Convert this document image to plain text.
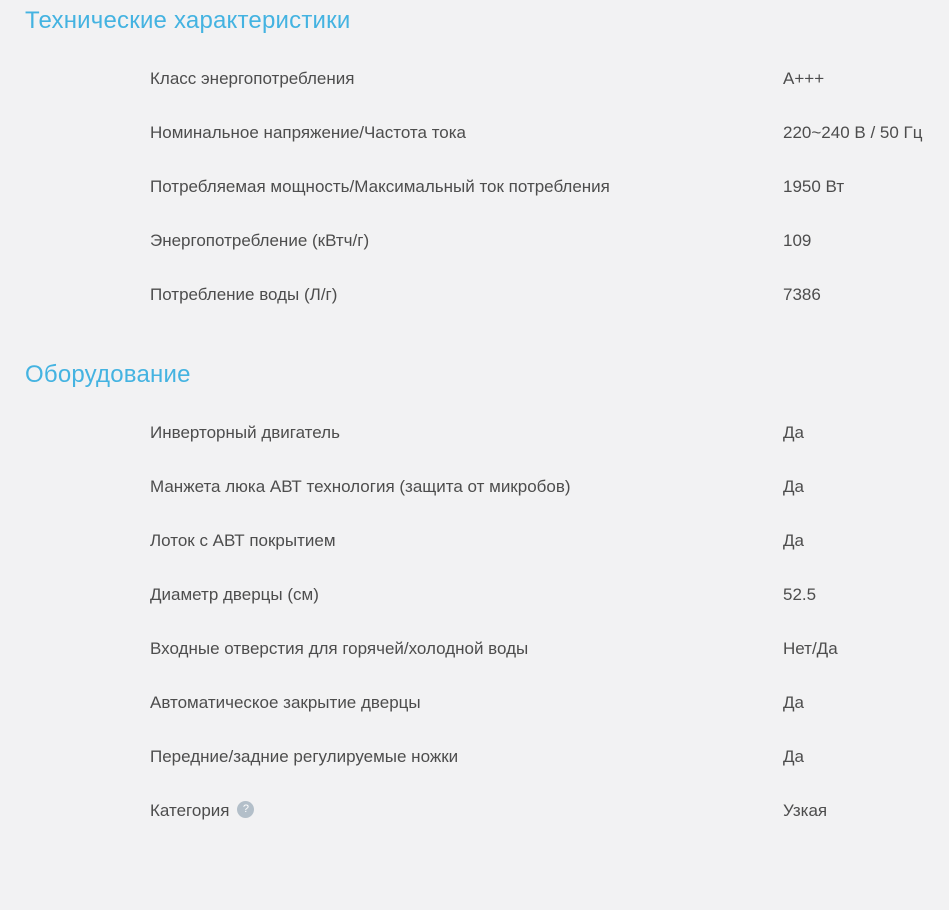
Технические характеристики
Класс энергопотребления	A+++
Номинальное напряжение/Частота тока	220~240 В / 50 Гц
Потребляемая мощность/Максимальный ток потребления	1950 Вт
Энергопотребление (кВтч/г)	109
Потребление воды (Л/г)	7386
Оборудование
Инверторный двигатель	Да
Манжета люка АВТ технология (защита от микробов)	Да
Лоток с АВТ покрытием	Да
Диаметр дверцы (см)	52.5
Входные отверстия для горячей/холодной воды	Нет/Да
Автоматическое закрытие дверцы	Да
Передние/задние регулируемые ножки	Да
Категория ?	Узкая
